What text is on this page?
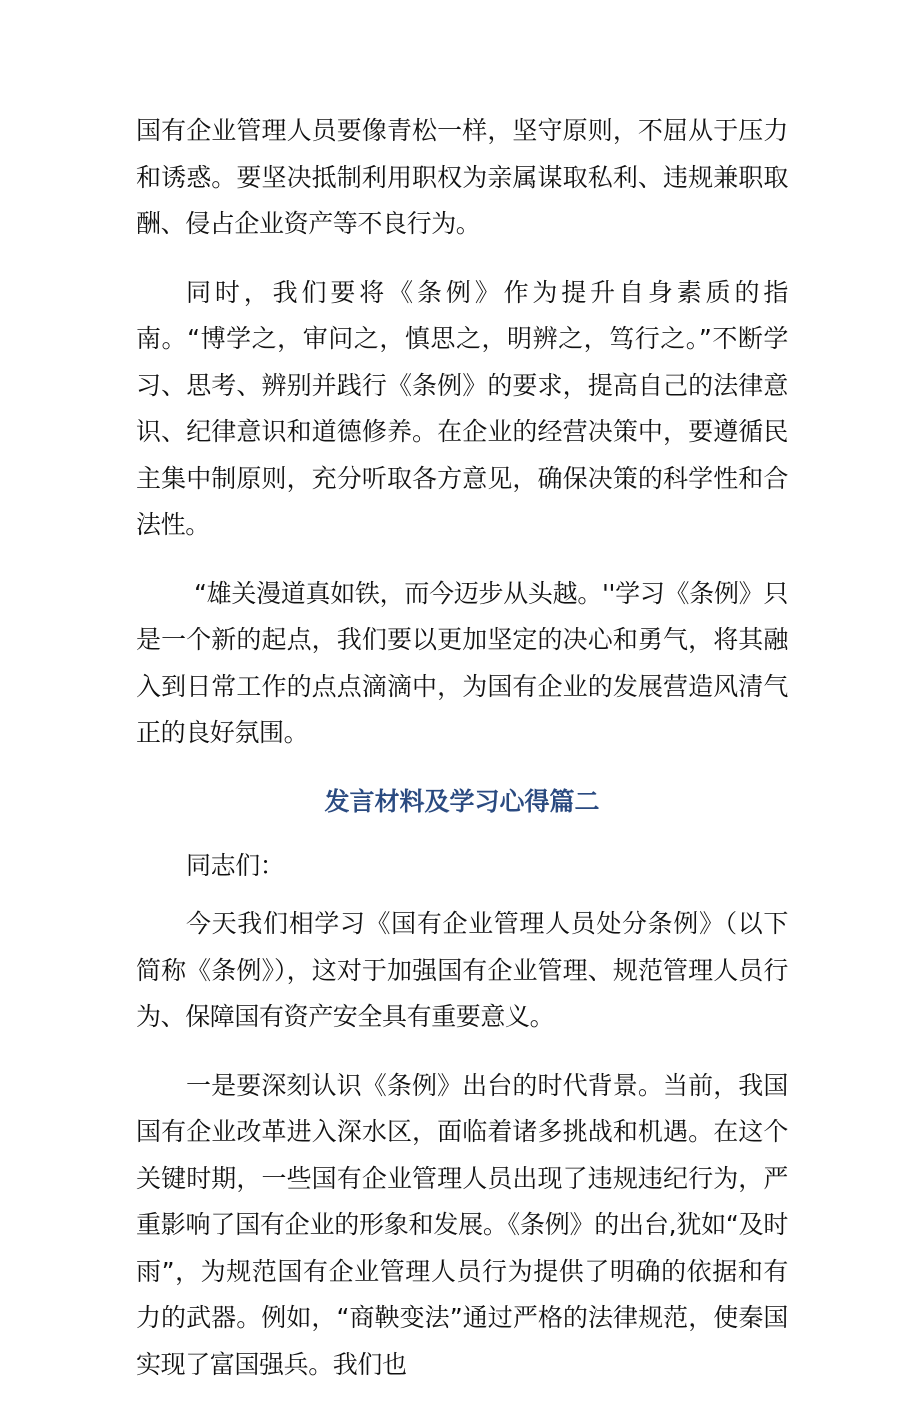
国有企业管理人员要像青松一样，坚守原则，不屈从于压力和诱惑。要坚决抵制利用职权为亲属谋取私利、违规兼职取酬、侵占企业资产等不良行为。

同时，我们要将《条例》作为提升自身素质的指南。“博学之，审问之，慎思之，明辨之，笃行之。”不断学习、思考、辨别并践行《条例》的要求，提高自己的法律意识、纪律意识和道德修养。在企业的经营决策中，要遵循民主集中制原则，充分听取各方意见，确保决策的科学性和合法性。

“雄关漫道真如铁，而今迈步从头越。''学习《条例》只是一个新的起点，我们要以更加坚定的决心和勇气，将其融入到日常工作的点点滴滴中，为国有企业的发展营造风清气正的良好氛围。

发言材料及学习心得篇二

同志们：

今天我们相学习《国有企业管理人员处分条例》（以下简称《条例》），这对于加强国有企业管理、规范管理人员行为、保障国有资产安全具有重要意义。

一是要深刻认识《条例》出台的时代背景。当前，我国国有企业改革进入深水区，面临着诸多挑战和机遇。在这个关键时期，一些国有企业管理人员出现了违规违纪行为，严重影响了国有企业的形象和发展。《条例》的出台,犹如“及时雨”，为规范国有企业管理人员行为提供了明确的依据和有力的武器。例如，“商鞅变法”通过严格的法律规范，使秦国实现了富国强兵。我们也
